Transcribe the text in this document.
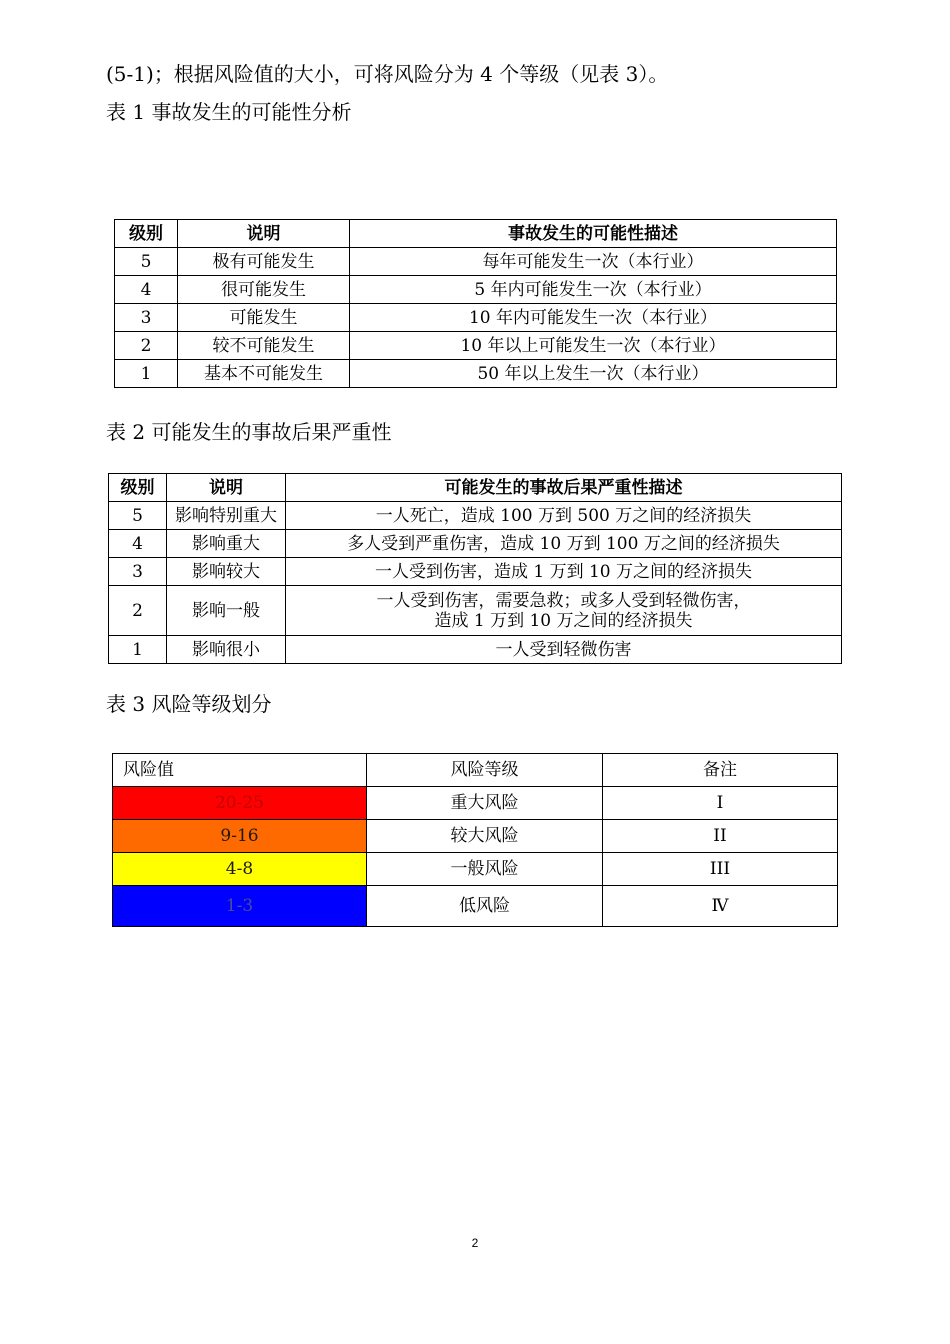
(5-1)；根据风险值的大小，可将风险分为 4 个等级（见表 3）。
表 1 事故发生的可能性分析
级别	说明	事故发生的可能性描述
5	极有可能发生	每年可能发生一次（本行业）
4	很可能发生	5 年内可能发生一次（本行业）
3	可能发生	10 年内可能发生一次（本行业）
2	较不可能发生	10 年以上可能发生一次（本行业）
1	基本不可能发生	50 年以上发生一次（本行业）
表 2 可能发生的事故后果严重性
级别	说明	可能发生的事故后果严重性描述
5	影响特别重大	一人死亡，造成 100 万到 500 万之间的经济损失
4	影响重大	多人受到严重伤害，造成 10 万到 100 万之间的经济损失
3	影响较大	一人受到伤害，造成 1 万到 10 万之间的经济损失
2	影响一般	一人受到伤害，需要急救；或多人受到轻微伤害，
造成 1 万到 10 万之间的经济损失

1	影响很小	一人受到轻微伤害
表 3 风险等级划分
风险值	风险等级	备注
20-25	重大风险	I
9-16	较大风险	II
4-8	一般风险	III
1-3	低风险	Ⅳ
2
